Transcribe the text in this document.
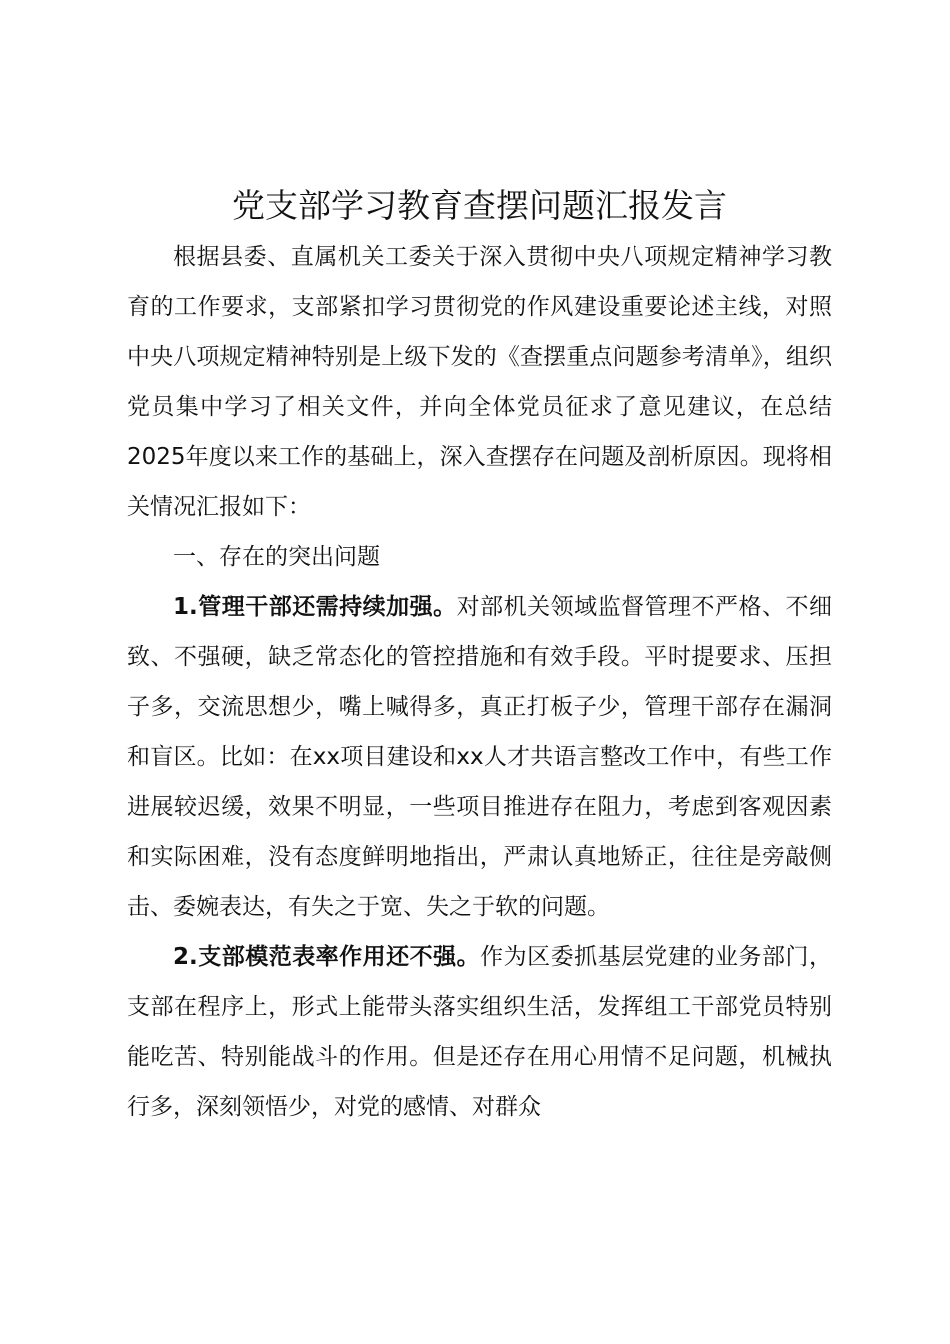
党支部学习教育查摆问题汇报发言

根据县委、直属机关工委关于深入贯彻中央八项规定精神学习教育的工作要求，支部紧扣学习贯彻党的作风建设重要论述主线，对照中央八项规定精神特别是上级下发的《查摆重点问题参考清单》，组织党员集中学习了相关文件，并向全体党员征求了意见建议，在总结2025年度以来工作的基础上，深入查摆存在问题及剖析原因。现将相关情况汇报如下：

一、存在的突出问题

1.管理干部还需持续加强。对部机关领域监督管理不严格、不细致、不强硬，缺乏常态化的管控措施和有效手段。平时提要求、压担子多，交流思想少，嘴上喊得多，真正打板子少，管理干部存在漏洞和盲区。比如：在xx项目建设和xx人才共语言整改工作中，有些工作进展较迟缓，效果不明显，一些项目推进存在阻力，考虑到客观因素和实际困难，没有态度鲜明地指出，严肃认真地矫正，往往是旁敲侧击、委婉表达，有失之于宽、失之于软的问题。

2.支部模范表率作用还不强。作为区委抓基层党建的业务部门，支部在程序上，形式上能带头落实组织生活，发挥组工干部党员特别能吃苦、特别能战斗的作用。但是还存在用心用情不足问题，机械执行多，深刻领悟少，对党的感情、对群众
